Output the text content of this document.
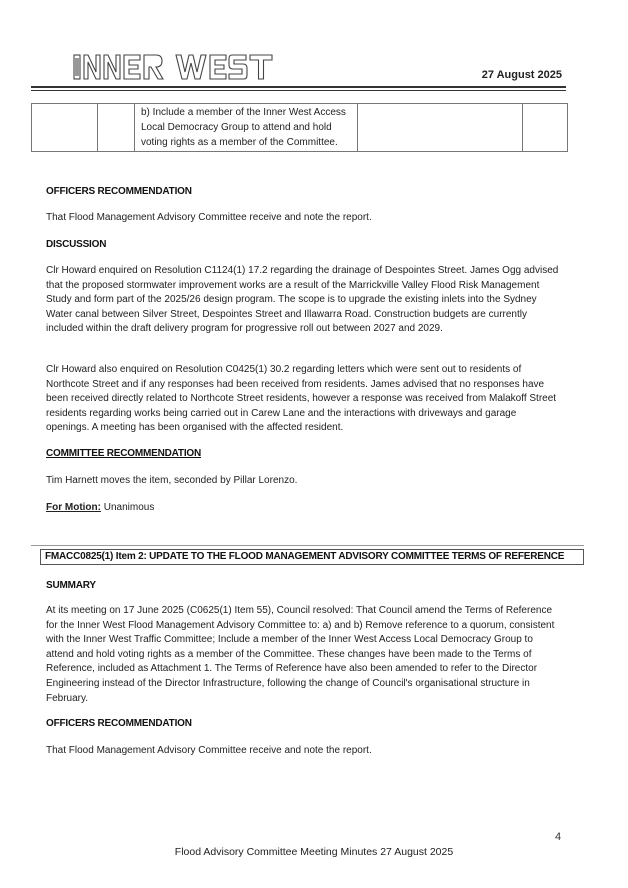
27 August 2025

b) Include a member of the Inner West Access Local Democracy Group to attend and hold voting rights as a member of the Committee.

OFFICERS RECOMMENDATION
That Flood Management Advisory Committee receive and note the report.
DISCUSSION
Clr Howard enquired on Resolution C1124(1) 17.2 regarding the drainage of Despointes Street. James Ogg advised that the proposed stormwater improvement works are a result of the Marrickville Valley Flood Risk Management Study and form part of the 2025/26 design program. The scope is to upgrade the existing inlets into the Sydney Water canal between Silver Street, Despointes Street and Illawarra Road. Construction budgets are currently included within the draft delivery program for progressive roll out between 2027 and 2029.
Clr Howard also enquired on Resolution C0425(1) 30.2 regarding letters which were sent out to residents of Northcote Street and if any responses had been received from residents. James advised that no responses have been received directly related to Northcote Street residents, however a response was received from Malakoff Street residents regarding works being carried out in Carew Lane and the interactions with driveways and garage openings. A meeting has been organised with the affected resident.
COMMITTEE RECOMMENDATION
Tim Harnett moves the item, seconded by Pillar Lorenzo.
For Motion: Unanimous
FMACC0825(1) Item 2: UPDATE TO THE FLOOD MANAGEMENT ADVISORY COMMITTEE TERMS OF REFERENCE
SUMMARY
At its meeting on 17 June 2025 (C0625(1) Item 55), Council resolved: That Council amend the Terms of Reference for the Inner West Flood Management Advisory Committee to: a) and b) Remove reference to a quorum, consistent with the Inner West Traffic Committee; Include a member of the Inner West Access Local Democracy Group to attend and hold voting rights as a member of the Committee. These changes have been made to the Terms of Reference, included as Attachment 1. The Terms of Reference have also been amended to refer to the Director Engineering instead of the Director Infrastructure, following the change of Council's organisational structure in February.
OFFICERS RECOMMENDATION
That Flood Management Advisory Committee receive and note the report.
4
Flood Advisory Committee Meeting Minutes 27 August 2025
